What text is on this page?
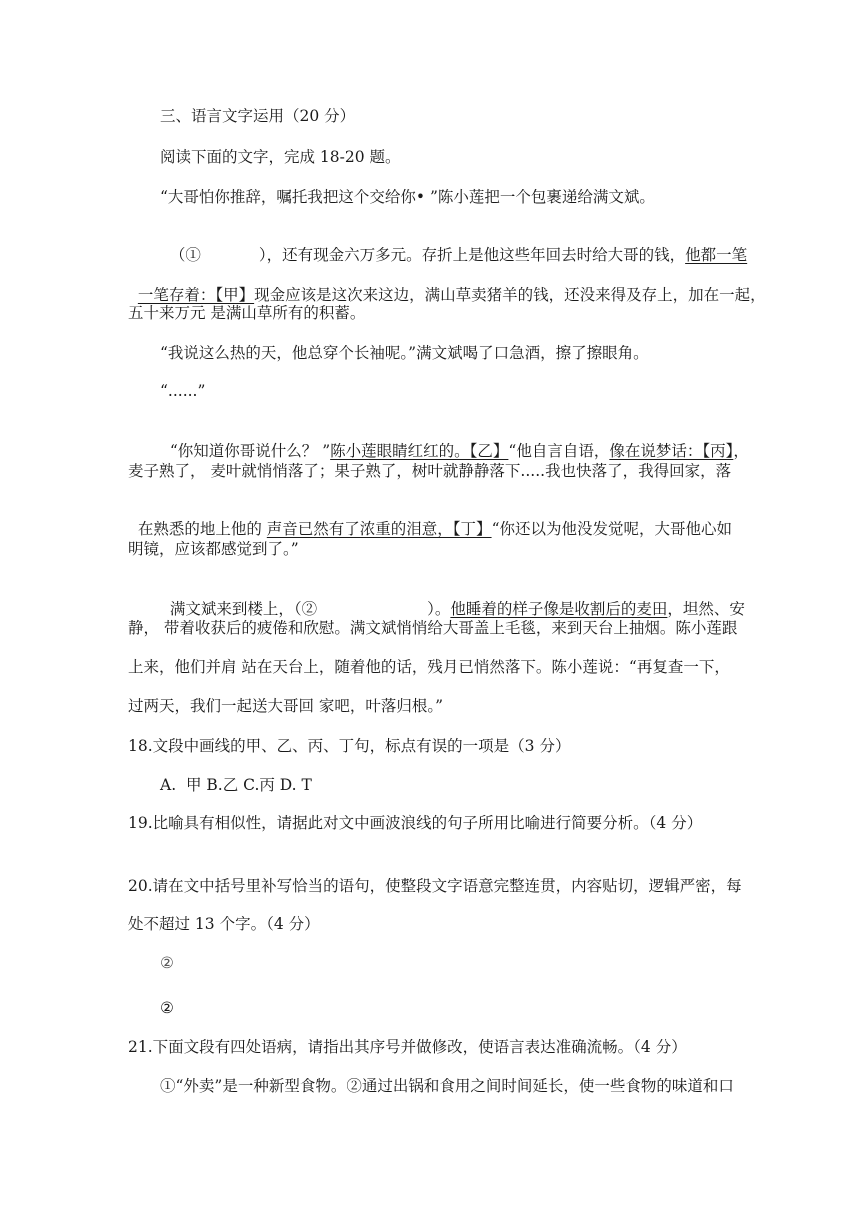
三、语言文字运用（20 分）
阅读下面的文字，完成 18-20 题。
“大哥怕你推辞，嘱托我把这个交给你• ”陈小莲把一个包裹递给满文斌。

（①	），还有现金六万多元。存折上是他这些年回去时给大哥的钱，他都一笔

一笔存着：【甲】现金应该是这次来这边，满山草卖猪羊的钱，还没来得及存上，加在一起，

五十来万元 是满山草所有的积蓄。
“我说这么热的天，他总穿个长袖呢。”满文斌喝了口急酒，擦了擦眼角。
“......”

“你知道你哥说什么？ ”陈小莲眼睛红红的。【乙】“他自言自语，像在说梦话：【丙】，

麦子熟了， 麦叶就悄悄落了；果子熟了，树叶就静静落下.....我也快落了，我得回家，落

在熟悉的地上他的 声音已然有了浓重的泪意，【丁】“你还以为他没发觉呢，大哥他心如

明镜，应该都感觉到了。”

满文斌来到楼上，（②	）。他睡着的样子像是收割后的麦田，坦然、安

静， 带着收获后的疲倦和欣慰。满文斌悄悄给大哥盖上毛毯，来到天台上抽烟。陈小莲跟
上来，他们并肩 站在天台上，随着他的话，残月已悄然落下。陈小莲说：“再复查一下，
过两天，我们一起送大哥回 家吧，叶落归根。”
18.文段中画线的甲、乙、丙、丁句，标点有误的一项是（3 分）
A.  甲 B.乙 C.丙 D. T
19.比喻具有相似性，请据此对文中画波浪线的句子所用比喻进行简要分析。（4 分）
20.请在文中括号里补写恰当的语句，使整段文字语意完整连贯，内容贴切，逻辑严密，每
处不超过 13 个字。（4 分）
②
②
21.下面文段有四处语病，请指出其序号并做修改，使语言表达准确流畅。（4 分）
①“外卖”是一种新型食物。②通过出锅和食用之间时间延长，使一些食物的味道和口
